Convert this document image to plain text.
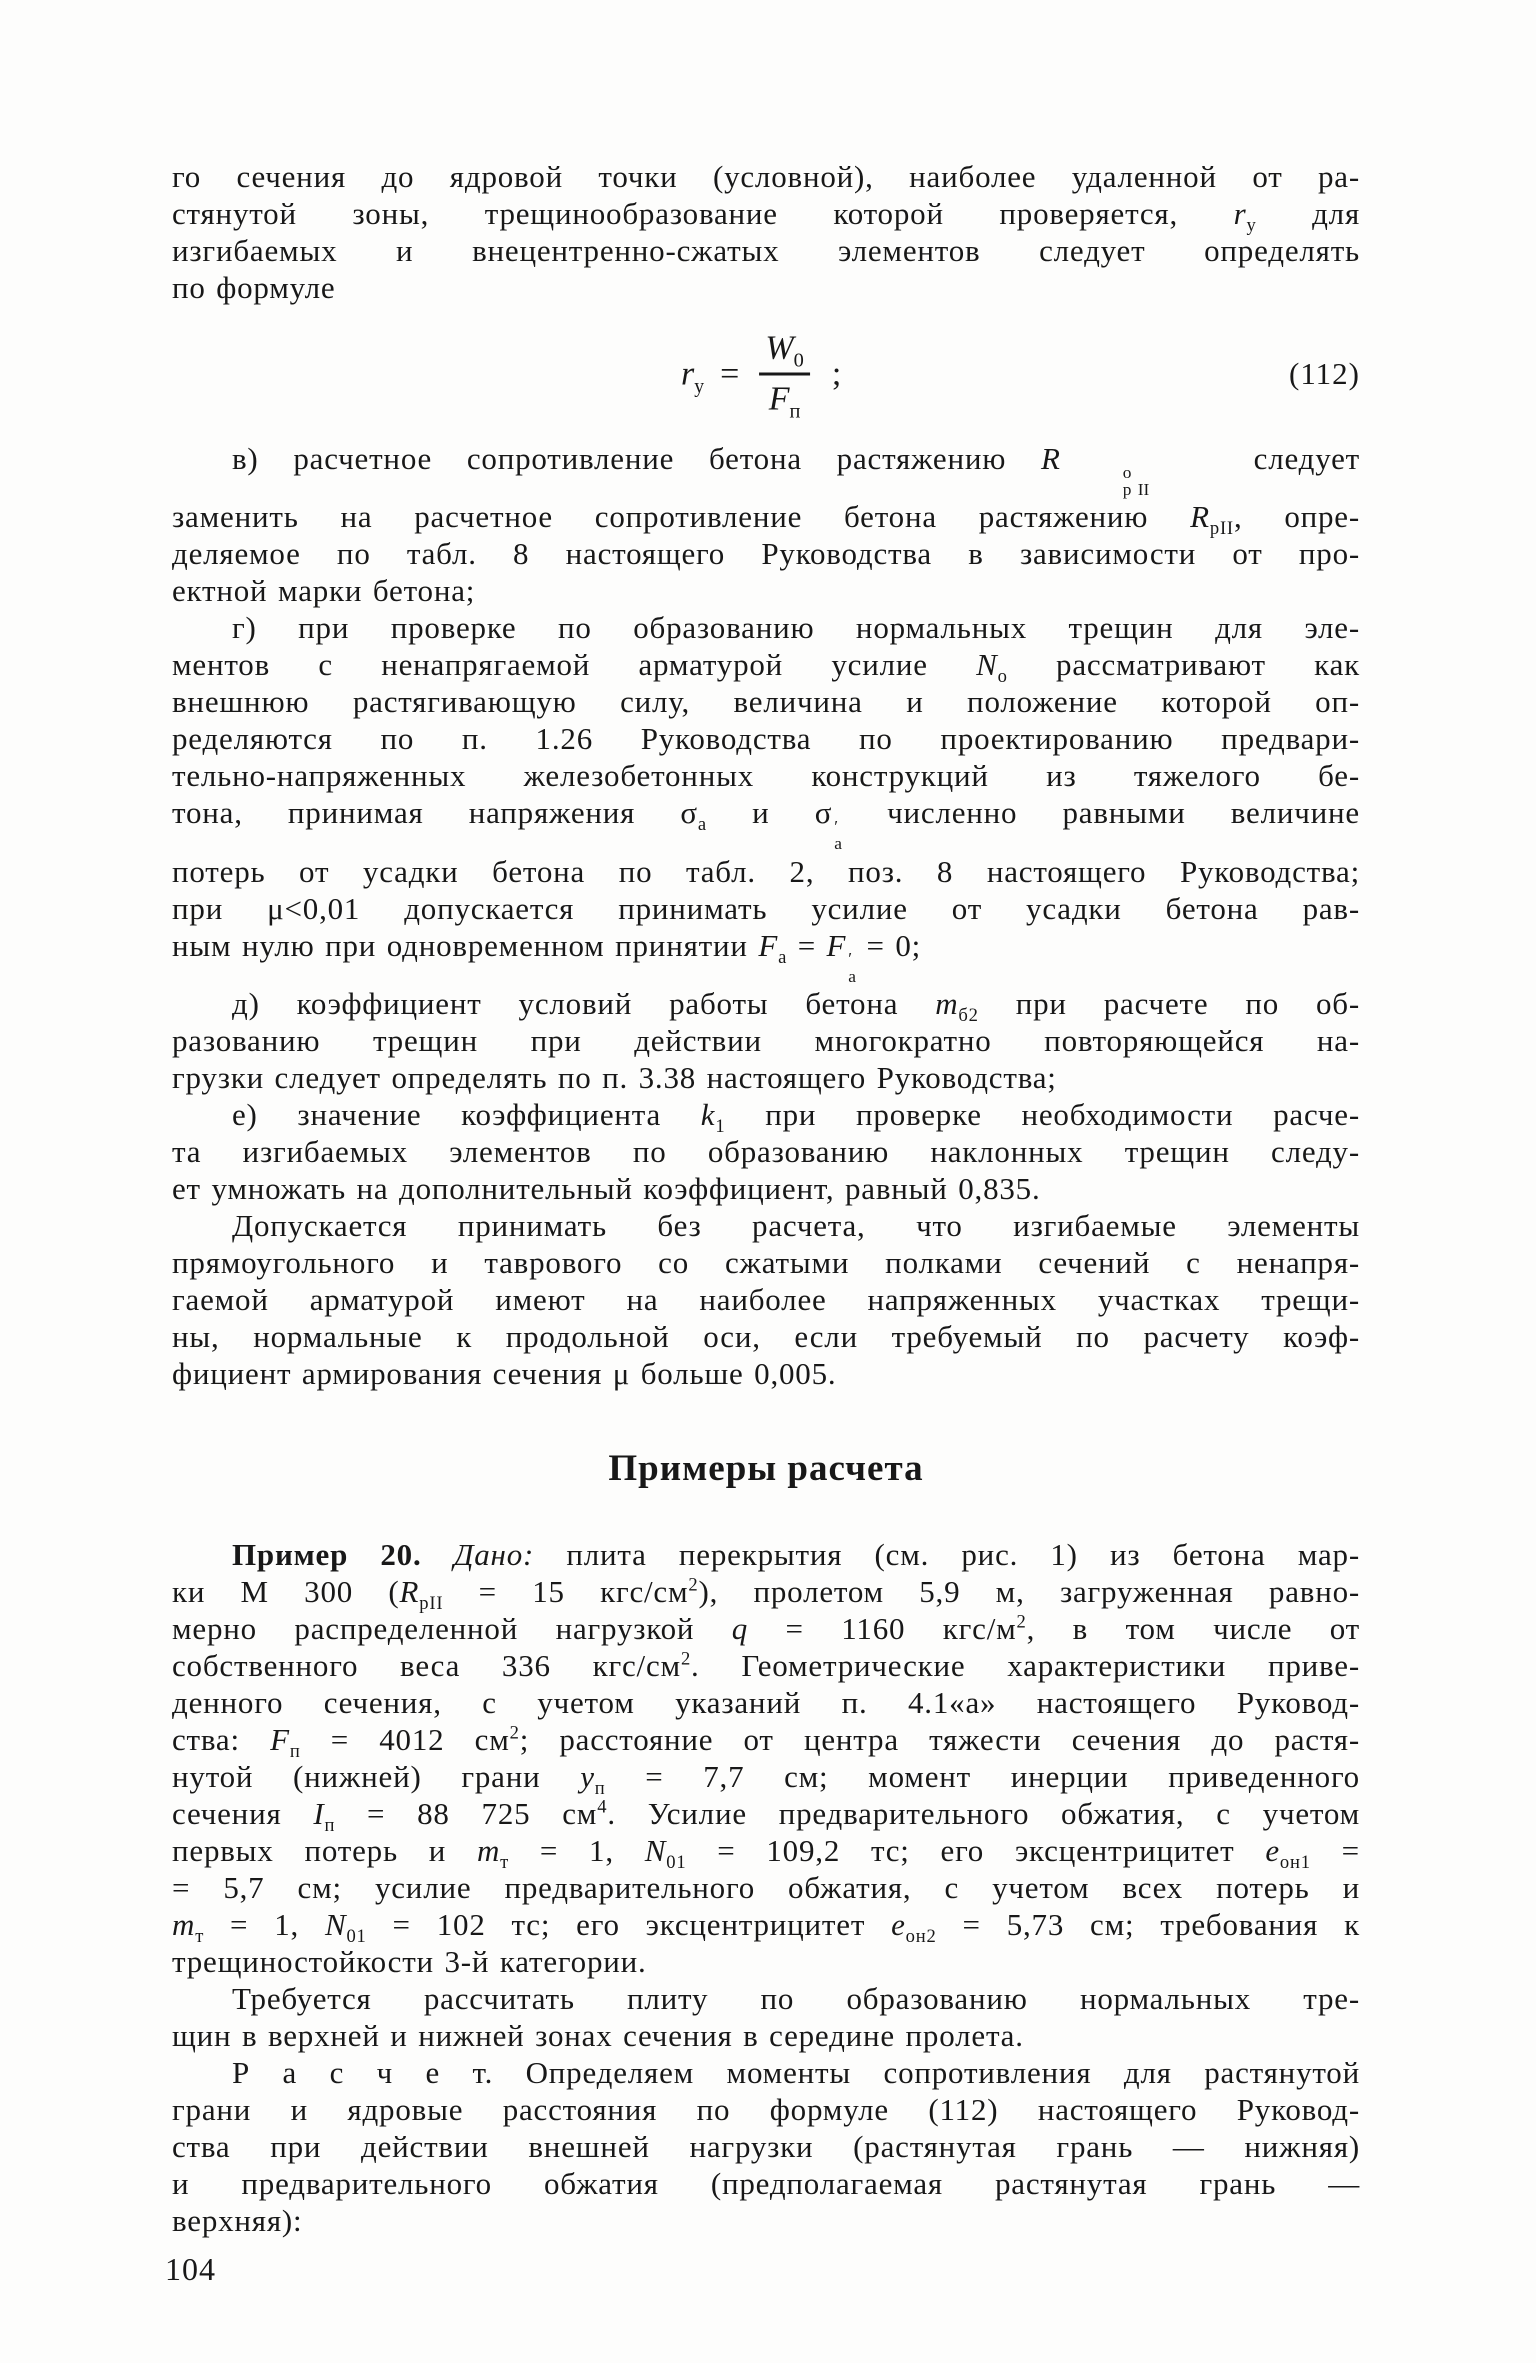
го сечения до ядровой точки (условной), наиболее удаленной от ра-
стянутой зоны, трещинообразование которой проверяется, $r_у$ для
изгибаемых и внецентренно-сжатых элементов следует определять
по формуле
$r_у = \frac{W_0}{F_п}$ ;	(112)
в) расчетное сопротивление бетона растяжению R	о
р II
следует
заменить на расчетное сопротивление бетона растяжению $R_{рII}$, опре-
деляемое по табл. 8 настоящего Руководства в зависимости от про-
ектной марки бетона;
г) при проверке по образованию нормальных трещин для эле-
ментов с ненапрягаемой арматурой усилие $N_о$ рассматривают как
внешнюю растягивающую силу, величина и положение которой оп-
ределяются по п. 1.26 Руководства по проектированию предвари-
тельно-напряженных железобетонных конструкций из тяжелого бе-
тона, принимая напряжения $\sigma_а$ и σ ′
а
численно равными величине
потерь от усадки бетона по табл. 2, поз. 8 настоящего Руководства;
при μ<0,01 допускается принимать усилие от усадки бетона рав-
ным нулю при одновременном принятии $F_а = F$ ′
а
= 0;
д) коэффициент условий работы бетона $m_{б2}$ при расчете по об-
разованию трещин при действии многократно повторяющейся на-
грузки следует определять по п. 3.38 настоящего Руководства;
е) значение коэффициента $k_1$ при проверке необходимости расче-
та изгибаемых элементов по образованию наклонных трещин следу-
ет умножать на дополнительный коэффициент, равный 0,835.
Допускается принимать без расчета, что изгибаемые элементы
прямоугольного и таврового со сжатыми полками сечений с ненапря-
гаемой арматурой имеют на наиболее напряженных участках трещи-
ны, нормальные к продольной оси, если требуемый по расчету коэф-
фициент армирования сечения μ больше 0,005.
Примеры расчета
Пример 20. Дано: плита перекрытия (см. рис. 1) из бетона мар-
ки М 300 ($R_{рII} = 15$ кгс/$см^2$), пролетом 5,9 м, загруженная равно-
мерно распределенной нагрузкой q = 1160 кгс/$м^2$, в том числе от
собственного веса 336 кгс/$см^2$. Геометрические характеристики приве-
денного сечения, с учетом указаний п. 4.1«а» настоящего Руковод-
ства: $F_п = 4012$ $см^2$; расстояние от центра тяжести сечения до растя-
нутой (нижней) грани $y_п = 7,7$ см; момент инерции приведенного
сечения $I_п = 88$ 725 $см^4$. Усилие предварительного обжатия, с учетом
первых потерь и $m_т = 1$, $N_{01} = 109,2$ тс; его эксцентрицитет $e_{он1}$ =
= 5,7 см; усилие предварительного обжатия, с учетом всех потерь и
$m_т = 1$, $N_{01} = 102$ тс; его эксцентрицитет $e_{он2} = 5,73$ см; требования к
трещиностойкости 3-й категории.
Требуется рассчитать плиту по образованию нормальных тре-
щин в верхней и нижней зонах сечения в середине пролета.
Р а с ч е т. Определяем моменты сопротивления для растянутой
грани и ядровые расстояния по формуле (112) настоящего Руковод-
ства при действии внешней нагрузки (растянутая грань — нижняя)
и предварительного обжатия (предполагаемая растянутая грань —
верхняя):
104
